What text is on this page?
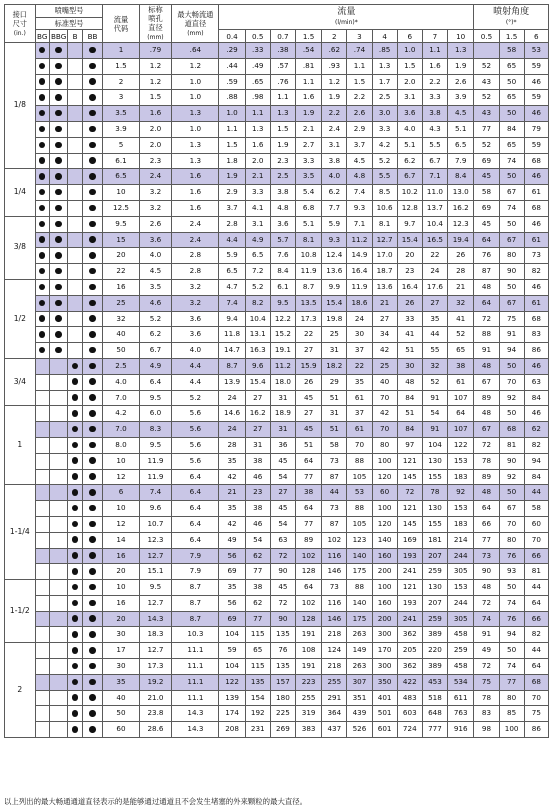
接口尺寸
(in.)	喷嘴型号				流量代码	标称喷孔直径
(mm)	最大畅流通道直径
(mm)	流量
(l/min)*										喷射角度
(°)*		
	标准型号																			
	BG	BBG	B	BB				0.4	0.5	0.7	1.5	2	3	4	6	7	10	0.5	1.5	6
1/8					1	.79	.64	.29	.33	.38	.54	.62	.74	.85	1.0	1.1	1.3		58	53
					1.5	1.2	1.2	.44	.49	.57	.81	.93	1.1	1.3	1.5	1.6	1.9	52	65	59
					2	1.2	1.0	.59	.65	.76	1.1	1.2	1.5	1.7	2.0	2.2	2.6	43	50	46
					3	1.5	1.0	.88	.98	1.1	1.6	1.9	2.2	2.5	3.1	3.3	3.9	52	65	59
					3.5	1.6	1.3	1.0	1.1	1.3	1.9	2.2	2.6	3.0	3.6	3.8	4.5	43	50	46
					3.9	2.0	1.0	1.1	1.3	1.5	2.1	2.4	2.9	3.3	4.0	4.3	5.1	77	84	79
					5	2.0	1.3	1.5	1.6	1.9	2.7	3.1	3.7	4.2	5.1	5.5	6.5	52	65	59
					6.1	2.3	1.3	1.8	2.0	2.3	3.3	3.8	4.5	5.2	6.2	6.7	7.9	69	74	68
1/4					6.5	2.4	1.6	1.9	2.1	2.5	3.5	4.0	4.8	5.5	6.7	7.1	8.4	45	50	46
					10	3.2	1.6	2.9	3.3	3.8	5.4	6.2	7.4	8.5	10.2	11.0	13.0	58	67	61
					12.5	3.2	1.6	3.7	4.1	4.8	6.8	7.7	9.3	10.6	12.8	13.7	16.2	69	74	68
3/8					9.5	2.6	2.4	2.8	3.1	3.6	5.1	5.9	7.1	8.1	9.7	10.4	12.3	45	50	46
					15	3.6	2.4	4.4	4.9	5.7	8.1	9.3	11.2	12.7	15.4	16.5	19.4	64	67	61
					20	4.0	2.8	5.9	6.5	7.6	10.8	12.4	14.9	17.0	20	22	26	76	80	73
					22	4.5	2.8	6.5	7.2	8.4	11.9	13.6	16.4	18.7	23	24	28	87	90	82
1/2					16	3.5	3.2	4.7	5.2	6.1	8.7	9.9	11.9	13.6	16.4	17.6	21	48	50	46
					25	4.6	3.2	7.4	8.2	9.5	13.5	15.4	18.6	21	26	27	32	64	67	61
					32	5.2	3.6	9.4	10.4	12.2	17.3	19.8	24	27	33	35	41	72	75	68
					40	6.2	3.6	11.8	13.1	15.2	22	25	30	34	41	44	52	88	91	83
					50	6.7	4.0	14.7	16.3	19.1	27	31	37	42	51	55	65	91	94	86
3/4					2.5	4.9	4.4	8.7	9.6	11.2	15.9	18.2	22	25	30	32	38	48	50	46
					4.0	6.4	4.4	13.9	15.4	18.0	26	29	35	40	48	52	61	67	70	63
					7.0	9.5	5.2	24	27	31	45	51	61	70	84	91	107	89	92	84
1					4.2	6.0	5.6	14.6	16.2	18.9	27	31	37	42	51	54	64	48	50	46
					7.0	8.3	5.6	24	27	31	45	51	61	70	84	91	107	67	68	62
					8.0	9.5	5.6	28	31	36	51	58	70	80	97	104	122	72	81	82
					10	11.9	5.6	35	38	45	64	73	88	100	121	130	153	78	90	94
					12	11.9	6.4	42	46	54	77	87	105	120	145	155	183	89	92	84
1-1/4					6	7.4	6.4	21	23	27	38	44	53	60	72	78	92	48	50	44
					10	9.6	6.4	35	38	45	64	73	88	100	121	130	153	64	67	58
					12	10.7	6.4	42	46	54	77	87	105	120	145	155	183	66	70	60
					14	12.3	6.4	49	54	63	89	102	123	140	169	181	214	77	80	70
					16	12.7	7.9	56	62	72	102	116	140	160	193	207	244	73	76	66
					20	15.1	7.9	69	77	90	128	146	175	200	241	259	305	90	93	81
1-1/2					10	9.5	8.7	35	38	45	64	73	88	100	121	130	153	48	50	44
					16	12.7	8.7	56	62	72	102	116	140	160	193	207	244	72	74	64
					20	14.3	8.7	69	77	90	128	146	175	200	241	259	305	74	76	66
					30	18.3	10.3	104	115	135	191	218	263	300	362	389	458	91	94	82
2					17	12.7	11.1	59	65	76	108	124	149	170	205	220	259	49	50	44
					30	17.3	11.1	104	115	135	191	218	263	300	362	389	458	72	74	64
					35	19.2	11.1	122	135	157	223	255	307	350	422	453	534	75	77	68
					40	21.0	11.1	139	154	180	255	291	351	401	483	518	611	78	80	70
					50	23.8	14.3	174	192	225	319	364	439	501	603	648	763	83	85	75
					60	28.6	14.3	208	231	269	383	437	526	601	724	777	916	98	100	86
以上列出的最大畅通通道直径表示的是能够通过通道且不会发生堵塞的外来颗粒的最大直径。
